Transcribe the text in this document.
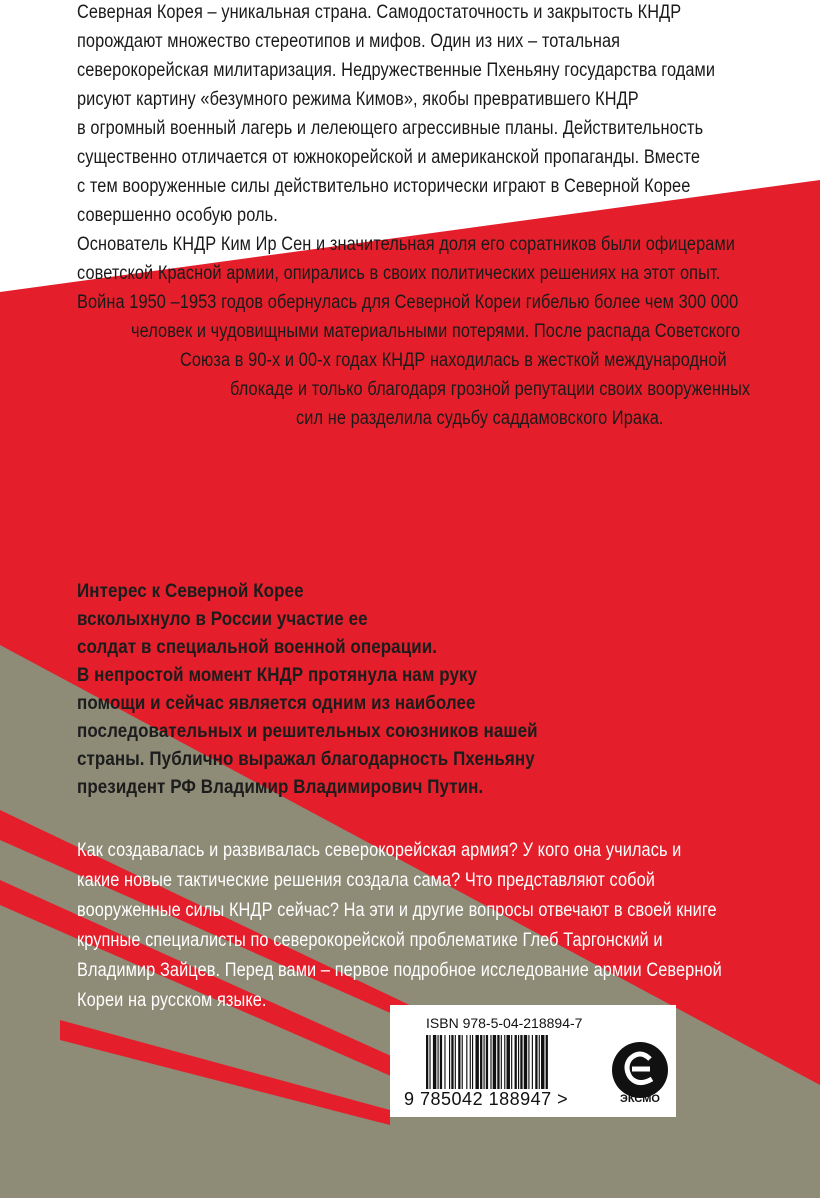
Северная Корея – уникальная страна. Самодостаточность и закрытость КНДР
порождают множество стереотипов и мифов. Один из них – тотальная
северокорейская милитаризация. Недружественные Пхеньяну государства годами
рисуют картину «безумного режима Кимов», якобы превратившего КНДР
в огромный военный лагерь и лелеющего агрессивные планы. Действительность
существенно отличается от южнокорейской и американской пропаганды. Вместе
с тем вооруженные силы действительно исторически играют в Северной Корее
совершенно особую роль.
Основатель КНДР Ким Ир Сен и значительная доля его соратников были офицерами
советской Красной армии, опирались в своих политических решениях на этот опыт.
Война 1950 –1953 годов обернулась для Северной Кореи гибелью более чем 300 000
человек и чудовищными материальными потерями. После распада Советского
Союза в 90-х и 00-х годах КНДР находилась в жесткой международной
блокаде и только благодаря грозной репутации своих вооруженных
сил не разделила судьбу саддамовского Ирака.
Интерес к Северной Корее
всколыхнуло в России участие ее
солдат в специальной военной операции.
В непростой момент КНДР протянула нам руку
помощи и сейчас является одним из наиболее
последовательных и решительных союзников нашей
страны. Публично выражал благодарность Пхеньяну
президент РФ Владимир Владимирович Путин.
Как создавалась и развивалась северокорейская армия? У кого она училась и
какие новые тактические решения создала сама? Что представляют собой
вооруженные силы КНДР сейчас? На эти и другие вопросы отвечают в своей книге
крупные специалисты по северокорейской проблематике Глеб Таргонский и
Владимир Зайцев. Перед вами – первое подробное исследование армии Северной
Кореи на русском языке.
ISBN 978-5-04-218894-7
9 785042 188947 >	ЭКСМО
